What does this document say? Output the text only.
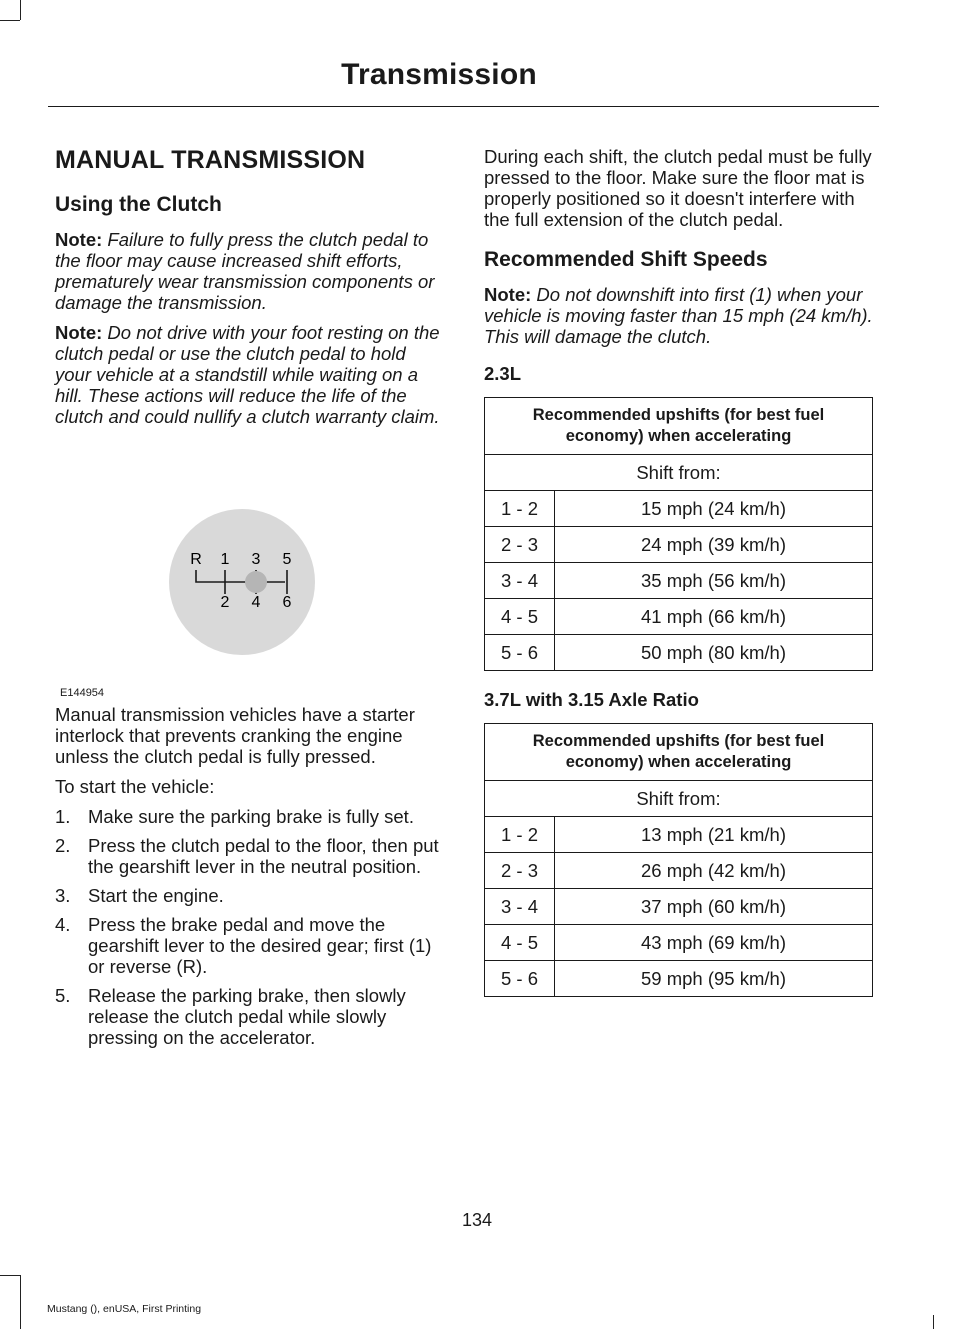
Transmission
MANUAL TRANSMISSION
Using the Clutch

Note: Failure to fully press the clutch pedal to the floor may cause increased shift efforts, prematurely wear transmission components or damage the transmission.

Note: Do not drive with your foot resting on the clutch pedal or use the clutch pedal to hold your vehicle at a standstill while waiting on a hill. These actions will reduce the life of the clutch and could nullify a clutch warranty claim.

R 1 3 5
2 4 6
E144954

Manual transmission vehicles have a starter interlock that prevents cranking the engine unless the clutch pedal is fully pressed.

To start the vehicle:

1. Make sure the parking brake is fully set.
2. Press the clutch pedal to the floor, then put the gearshift lever in the neutral position.
3. Start the engine.
4. Press the brake pedal and move the gearshift lever to the desired gear; first (1) or reverse (R).
5. Release the parking brake, then slowly release the clutch pedal while slowly pressing on the accelerator.

During each shift, the clutch pedal must be fully pressed to the floor. Make sure the floor mat is properly positioned so it doesn't interfere with the full extension of the clutch pedal.

Recommended Shift Speeds

Note: Do not downshift into first (1) when your vehicle is moving faster than 15 mph (24 km/h). This will damage the clutch.

2.3L
Recommended upshifts (for best fuel economy) when accelerating	
Shift from:	
1 - 2	15 mph (24 km/h)
2 - 3	24 mph (39 km/h)
3 - 4	35 mph (56 km/h)
4 - 5	41 mph (66 km/h)
5 - 6	50 mph (80 km/h)
3.7L with 3.15 Axle Ratio
Recommended upshifts (for best fuel economy) when accelerating	
Shift from:	
1 - 2	13 mph (21 km/h)
2 - 3	26 mph (42 km/h)
3 - 4	37 mph (60 km/h)
4 - 5	43 mph (69 km/h)
5 - 6	59 mph (95 km/h)
134
Mustang (), enUSA, First Printing
